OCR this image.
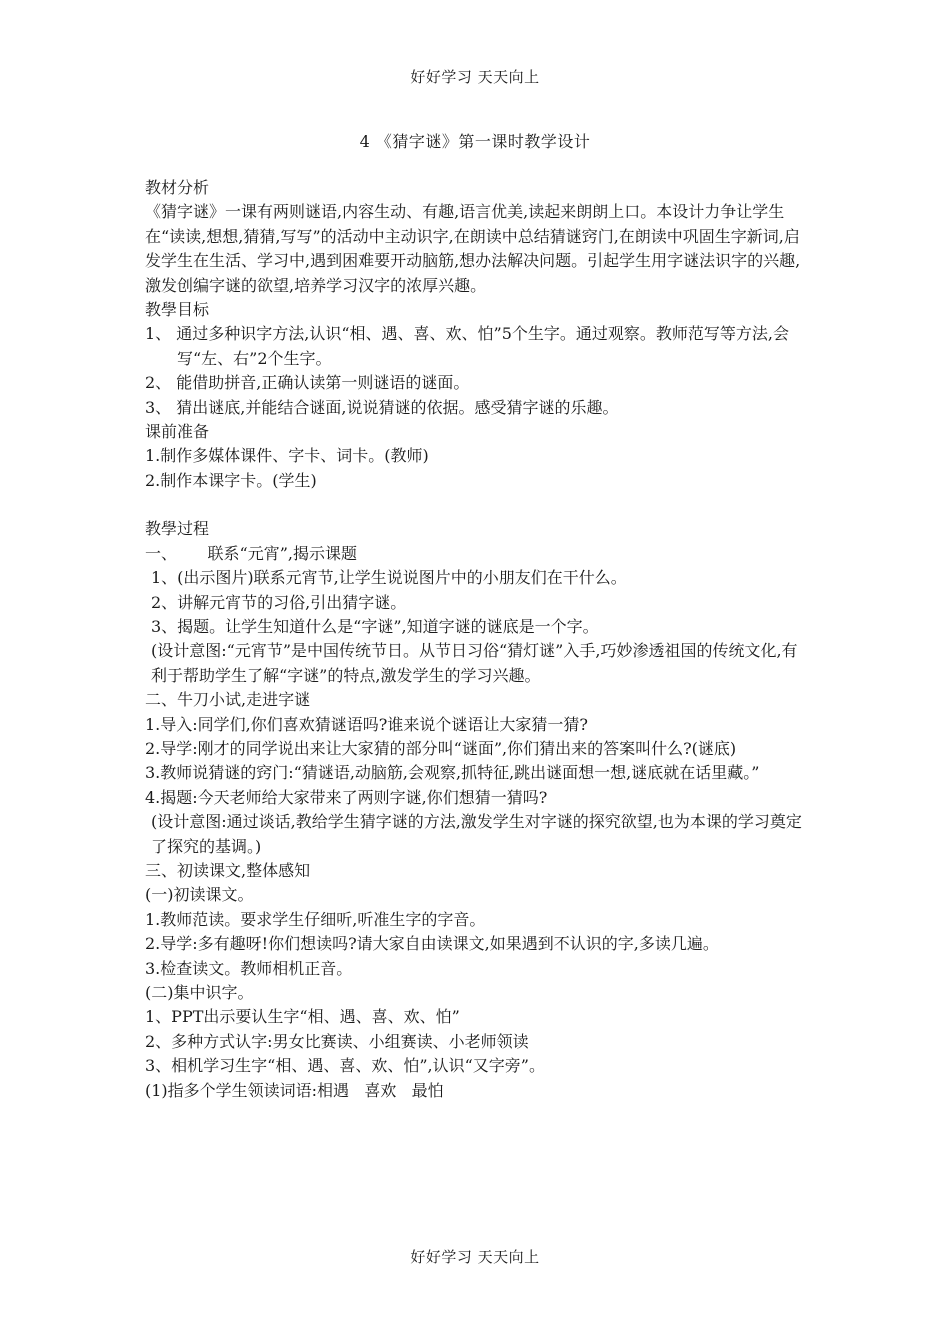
好好学习 天天向上
4 《猜字谜》第一课时教学设计

教材分析

《猜字谜》一课有两则谜语,内容生动、有趣,语言优美,读起来朗朗上口。本设计力争让学生在“读读,想想,猜猜,写写”的活动中主动识字,在朗读中总结猜谜窍门,在朗读中巩固生字新词,启发学生在生活、学习中,遇到困难要开动脑筋,想办法解决问题。引起学生用字谜法识字的兴趣,激发创编字谜的欲望,培养学习汉字的浓厚兴趣。

教學目标

1、 通过多种识字方法,认识“相、遇、喜、欢、怕”5个生字。通过观察。教师范写等方法,会写“左、右”2个生字。

2、 能借助拼音,正确认读第一则谜语的谜面。

3、 猜出谜底,并能结合谜面,说说猜谜的依据。感受猜字谜的乐趣。

课前准备

1.制作多媒体课件、字卡、词卡。(教师)

2.制作本课字卡。(学生)

教學过程

一、      联系“元宵”,揭示课题

1、(出示图片)联系元宵节,让学生说说图片中的小朋友们在干什么。

2、讲解元宵节的习俗,引出猜字谜。

3、揭题。让学生知道什么是“字谜”,知道字谜的谜底是一个字。

(设计意图:“元宵节”是中国传统节日。从节日习俗“猜灯谜”入手,巧妙渗透祖国的传统文化,有利于帮助学生了解“字谜”的特点,激发学生的学习兴趣。

二、牛刀小试,走进字谜

1.导入:同学们,你们喜欢猜谜语吗?谁来说个谜语让大家猜一猜?

2.导学:刚才的同学说出来让大家猜的部分叫“谜面”,你们猜出来的答案叫什么?(谜底)

3.教师说猜谜的窍门:“猜谜语,动脑筋,会观察,抓特征,跳出谜面想一想,谜底就在话里藏。”

4.揭题:今天老师给大家带来了两则字谜,你们想猜一猜吗?

(设计意图:通过谈话,教给学生猜字谜的方法,激发学生对字谜的探究欲望,也为本课的学习奠定了探究的基调。)

三、初读课文,整体感知

(一)初读课文。

1.教师范读。要求学生仔细听,听准生字的字音。

2.导学:多有趣呀!你们想读吗?请大家自由读课文,如果遇到不认识的字,多读几遍。

3.检查读文。教师相机正音。

(二)集中识字。

1、PPT出示要认生字“相、遇、喜、欢、怕”

2、多种方式认字:男女比赛读、小组赛读、小老师领读

3、相机学习生字“相、遇、喜、欢、怕”,认识“又字旁”。

(1)指多个学生领读词语:相遇   喜欢   最怕

好好学习 天天向上
